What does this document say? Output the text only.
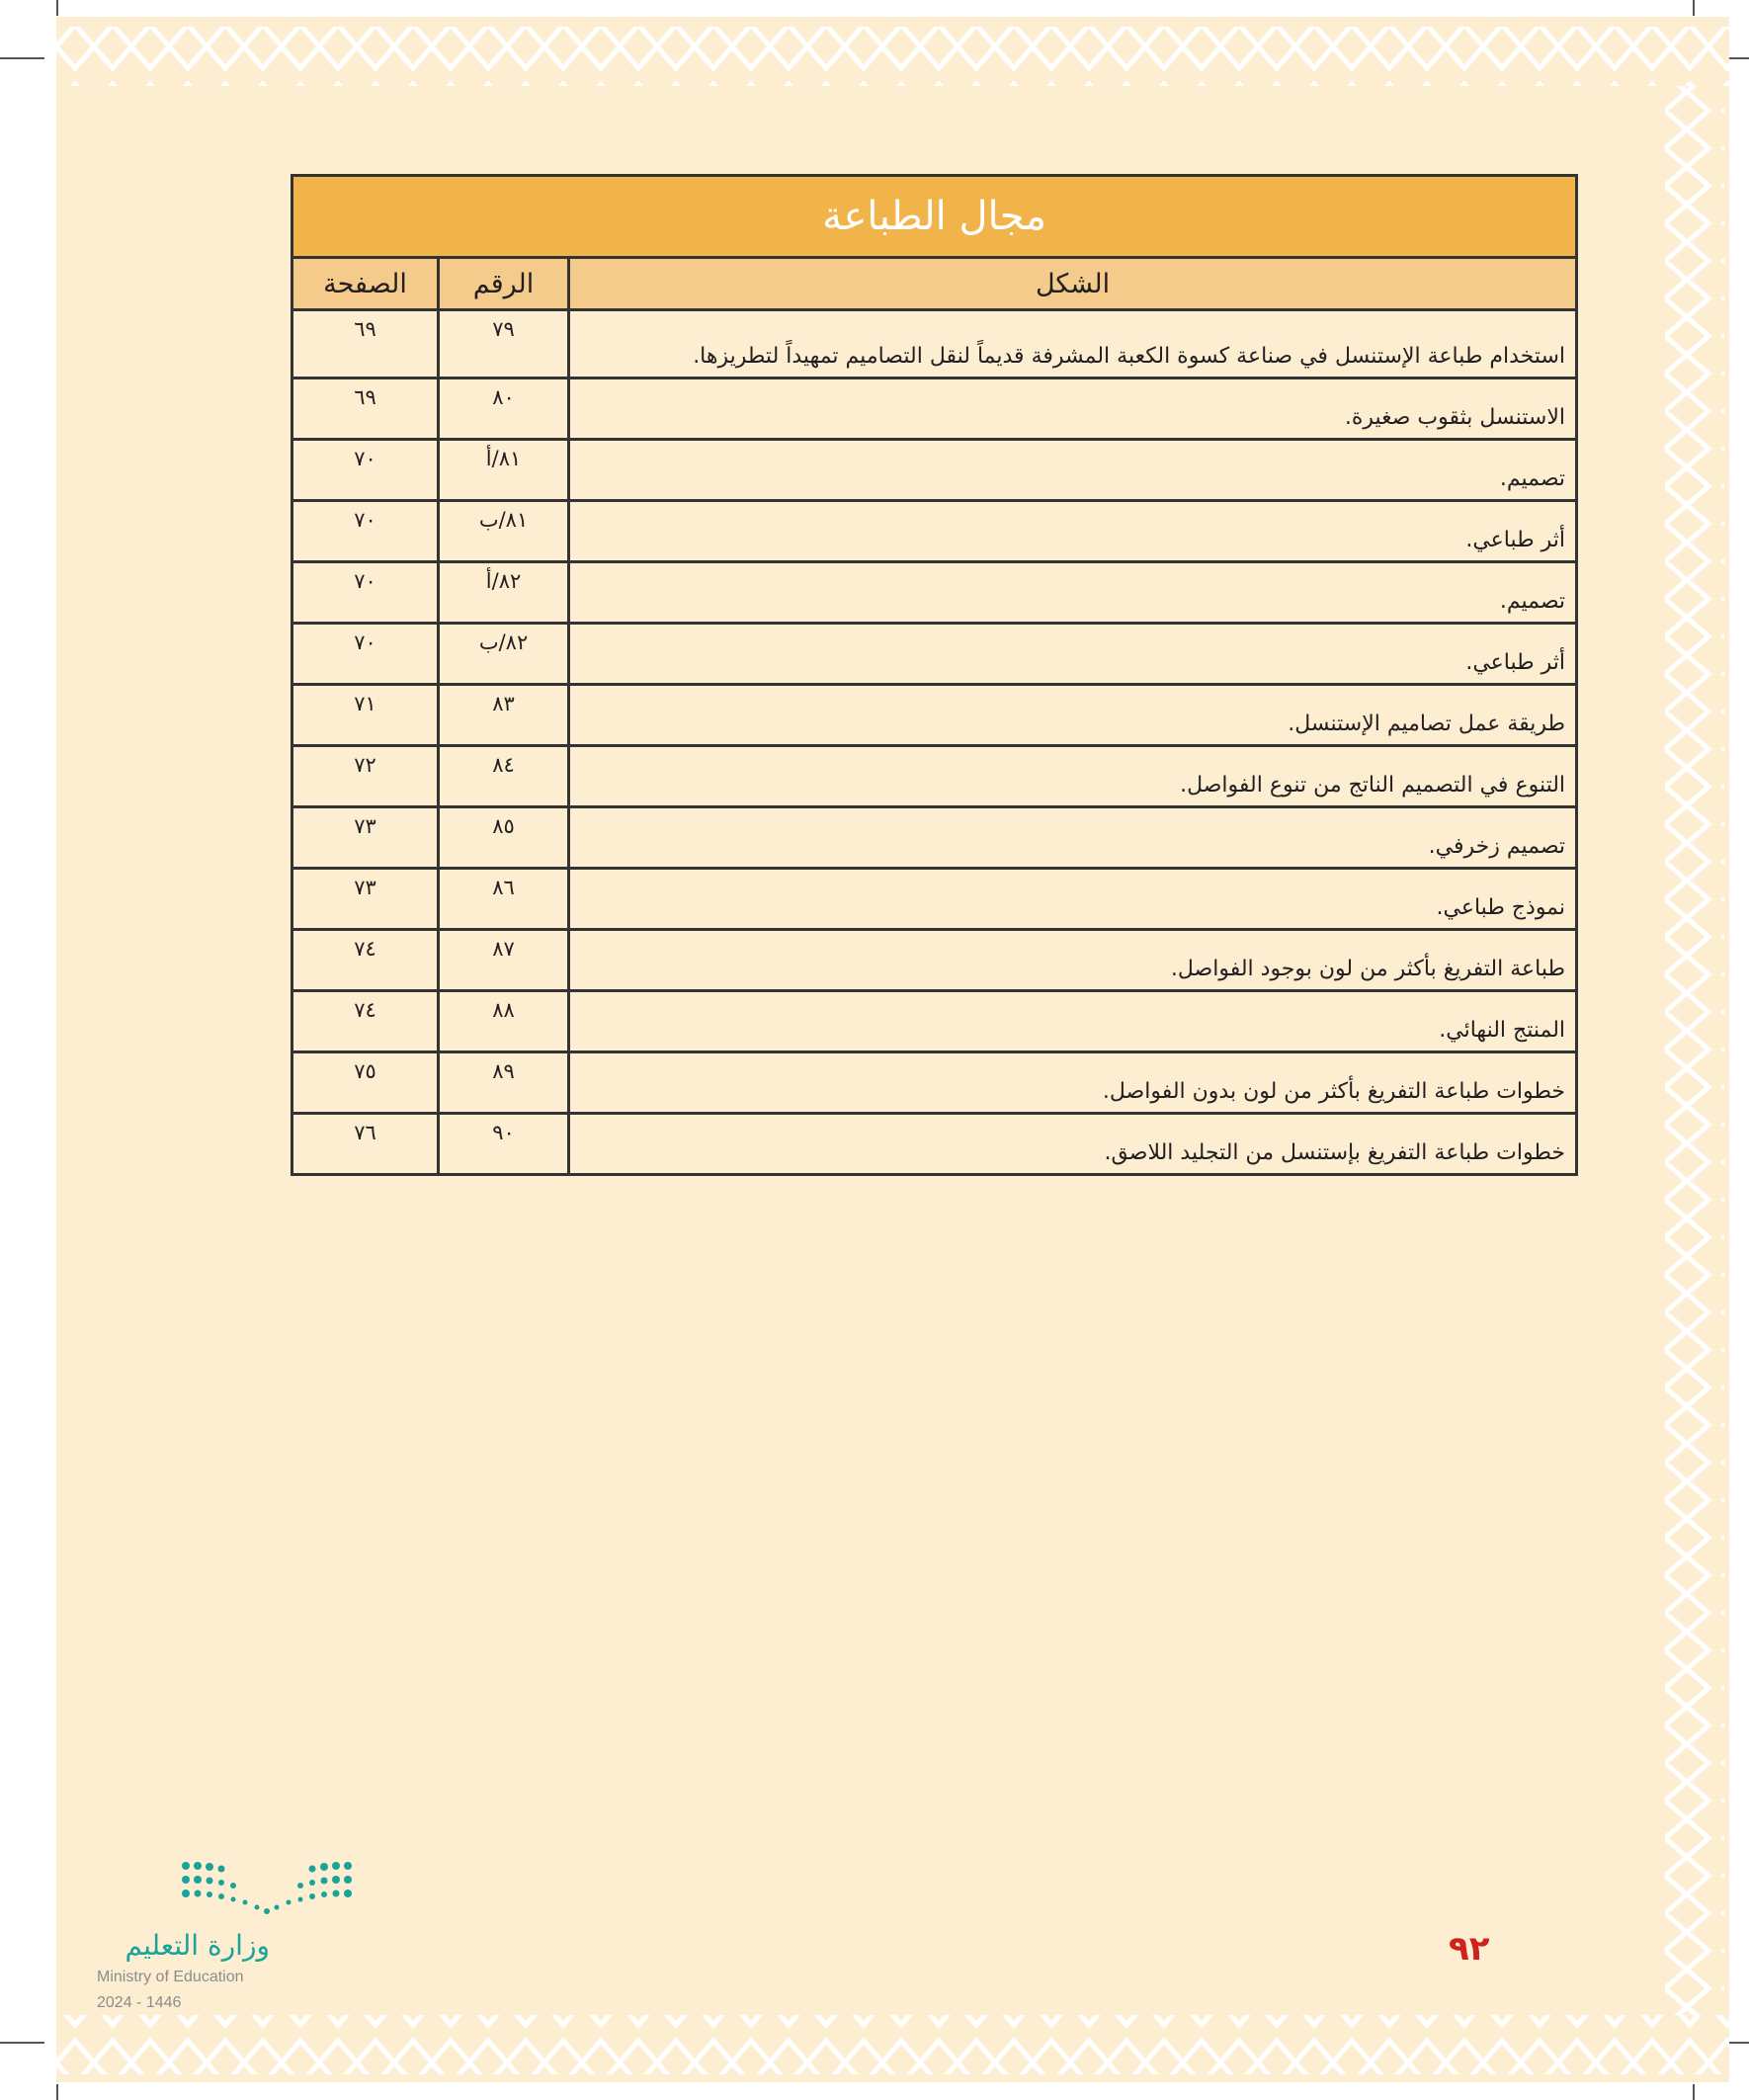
مجال الطباعة		
الشكل	الرقم	الصفحة
استخدام طباعة الإستنسل في صناعة كسوة الكعبة المشرفة قديماً لنقل التصاميم تمهيداً لتطريزها.	٧٩	٦٩
الاستنسل بثقوب صغيرة.	٨٠	٦٩
تصميم.	٨١/أ	٧٠
أثر طباعي.	٨١/ب	٧٠
تصميم.	٨٢/أ	٧٠
أثر طباعي.	٨٢/ب	٧٠
طريقة عمل تصاميم الإستنسل.	٨٣	٧١
التنوع في التصميم الناتج من تنوع الفواصل.	٨٤	٧٢
تصميم زخرفي.	٨٥	٧٣
نموذج طباعي.	٨٦	٧٣
طباعة التفريغ بأكثر من لون بوجود الفواصل.	٨٧	٧٤
المنتج النهائي.	٨٨	٧٤
خطوات طباعة التفريغ بأكثر من لون بدون الفواصل.	٨٩	٧٥
خطوات طباعة التفريغ بإستنسل من التجليد اللاصق.	٩٠	٧٦
وزارة التعليم
Ministry of Education
2024 - 1446
٩٢
